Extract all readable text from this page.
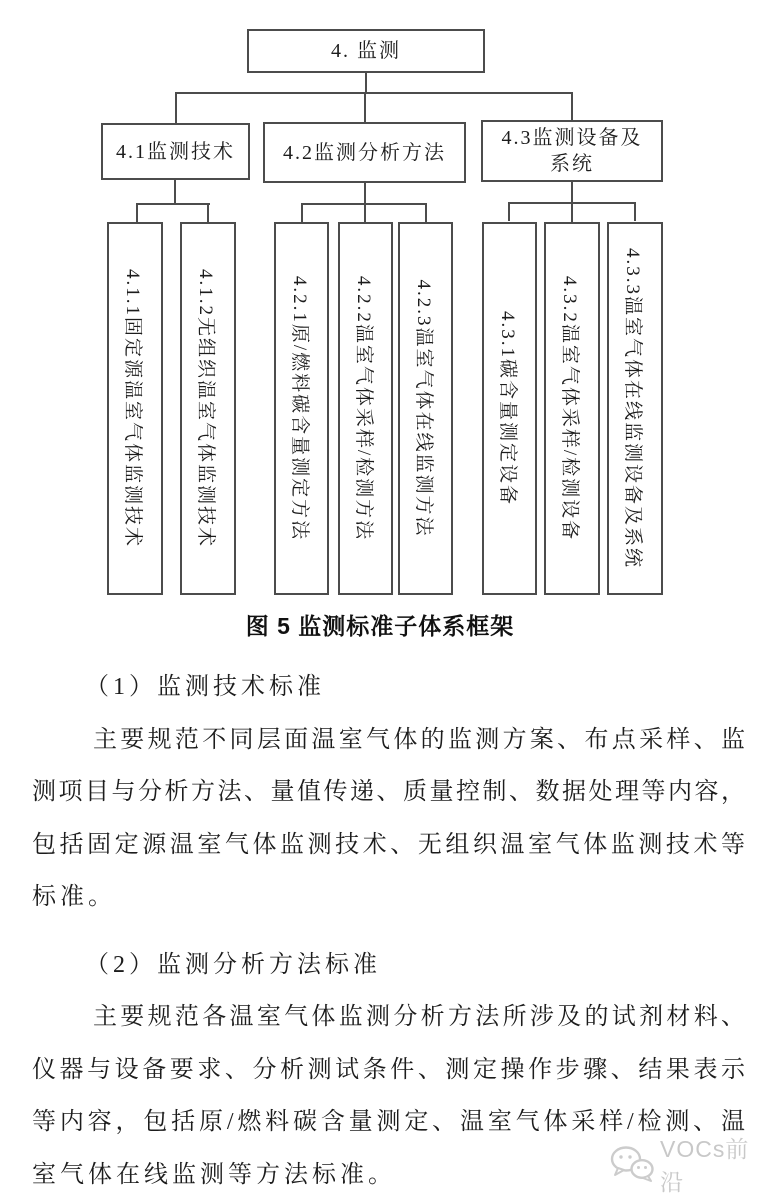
4. 监测
4.1监测技术 4.2监测分析方法
4.3监测设备及系统
4.1.1固定源温室气体监测技术	4.1.2无组织温室气体监测技术	4.2.1原/燃料碳含量测定方法	4.2.2温室气体采样/检测方法	4.2.3温室气体在线监测方法	4.3.1碳含量测定设备	4.3.2温室气体采样/检测设备	4.3.3温室气体在线监测设备及系统
图 5 监测标准子体系框架
（1）监测技术标准
主要规范不同层面温室气体的监测方案、布点采样、监
测项目与分析方法、量值传递、质量控制、数据处理等内容，
包括固定源温室气体监测技术、无组织温室气体监测技术等
标准。
（2）监测分析方法标准
主要规范各温室气体监测分析方法所涉及的试剂材料、
仪器与设备要求、分析测试条件、测定操作步骤、结果表示
等内容，包括原/燃料碳含量测定、温室气体采样/检测、温
室气体在线监测等方法标准。
VOCs前沿
